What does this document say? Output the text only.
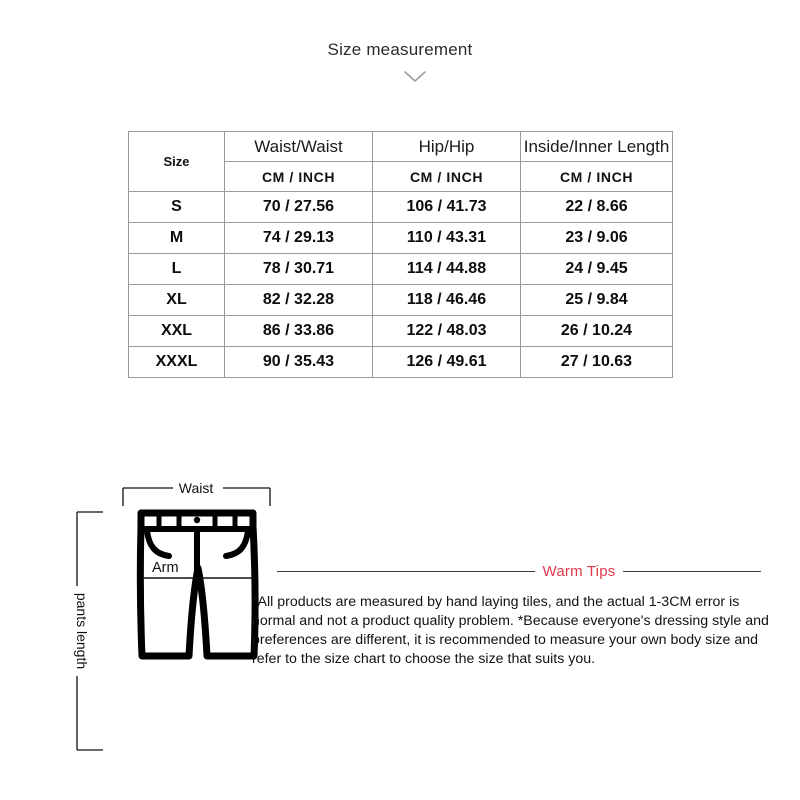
Size measurement
Size	Waist/Waist	Hip/Hip	Inside/Inner Length
	CM / INCH	CM / INCH	CM / INCH
S	70 / 27.56	106 / 41.73	22 / 8.66
M	74 / 29.13	110 / 43.31	23 / 9.06
L	78 / 30.71	114 / 44.88	24 / 9.45
XL	82 / 32.28	118 / 46.46	25 / 9.84
XXL	86 / 33.86	122 / 48.03	26 / 10.24
XXXL	90 / 35.43	126 / 49.61	27 / 10.63
Waist
pants length
Arm	Warm Tips
*All products are measured by hand laying tiles, and the actual 1-3CM error is normal and not a product quality problem. *Because everyone's dressing style and preferences are different, it is recommended to measure your own body size and refer to the size chart to choose the size that suits you.
